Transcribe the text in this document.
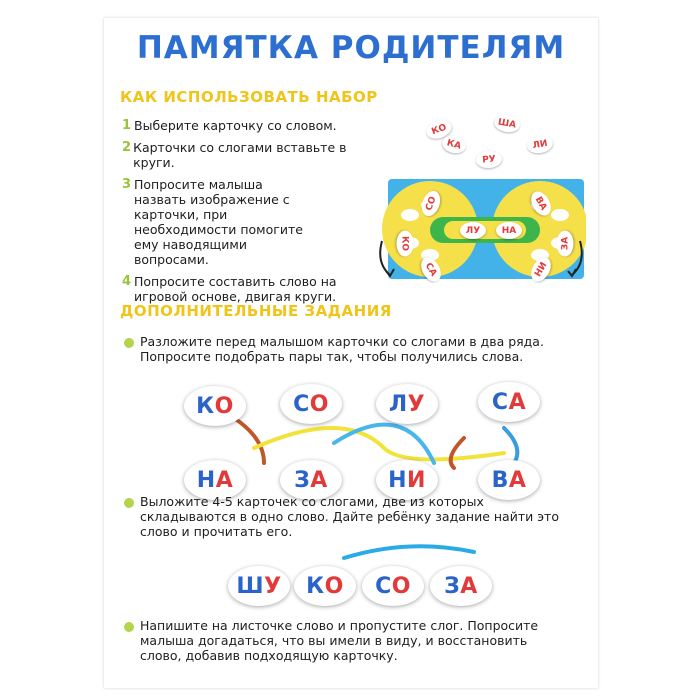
ПАМЯТКА РОДИТЕЛЯМ
КАК ИСПОЛЬЗОВАТЬ НАБОР
1 Выберите карточку со словом.
2 Карточки со слогами вставьте в круги.
3 Попросите малыша назвать изображение с карточки, при необходимости помогите ему наводящими вопросами.
4 Попросите составить слово на игровой основе, двигая круги.
КО
КА
ША
ЛИ
РУ
ЛУ НА
СО
КО
СА
ВА
ЗА
НИ
ДОПОЛНИТЕЛЬНЫЕ ЗАДАНИЯ
Разложите перед малышом карточки со слогами в два ряда. Попросите подобрать пары так, чтобы получились слова.
К О	С О	Л У	С А
Н А	З А	Н И	В А
Выложите 4-5 карточек со слогами, две из которых складываются в одно слово. Дайте ребёнку задание найти это слово и прочитать его.
Ш У К О С О З А
Напишите на листочке слово и пропустите слог. Попросите малыша догадаться, что вы имели в виду, и восстановить слово, добавив подходящую карточку.
